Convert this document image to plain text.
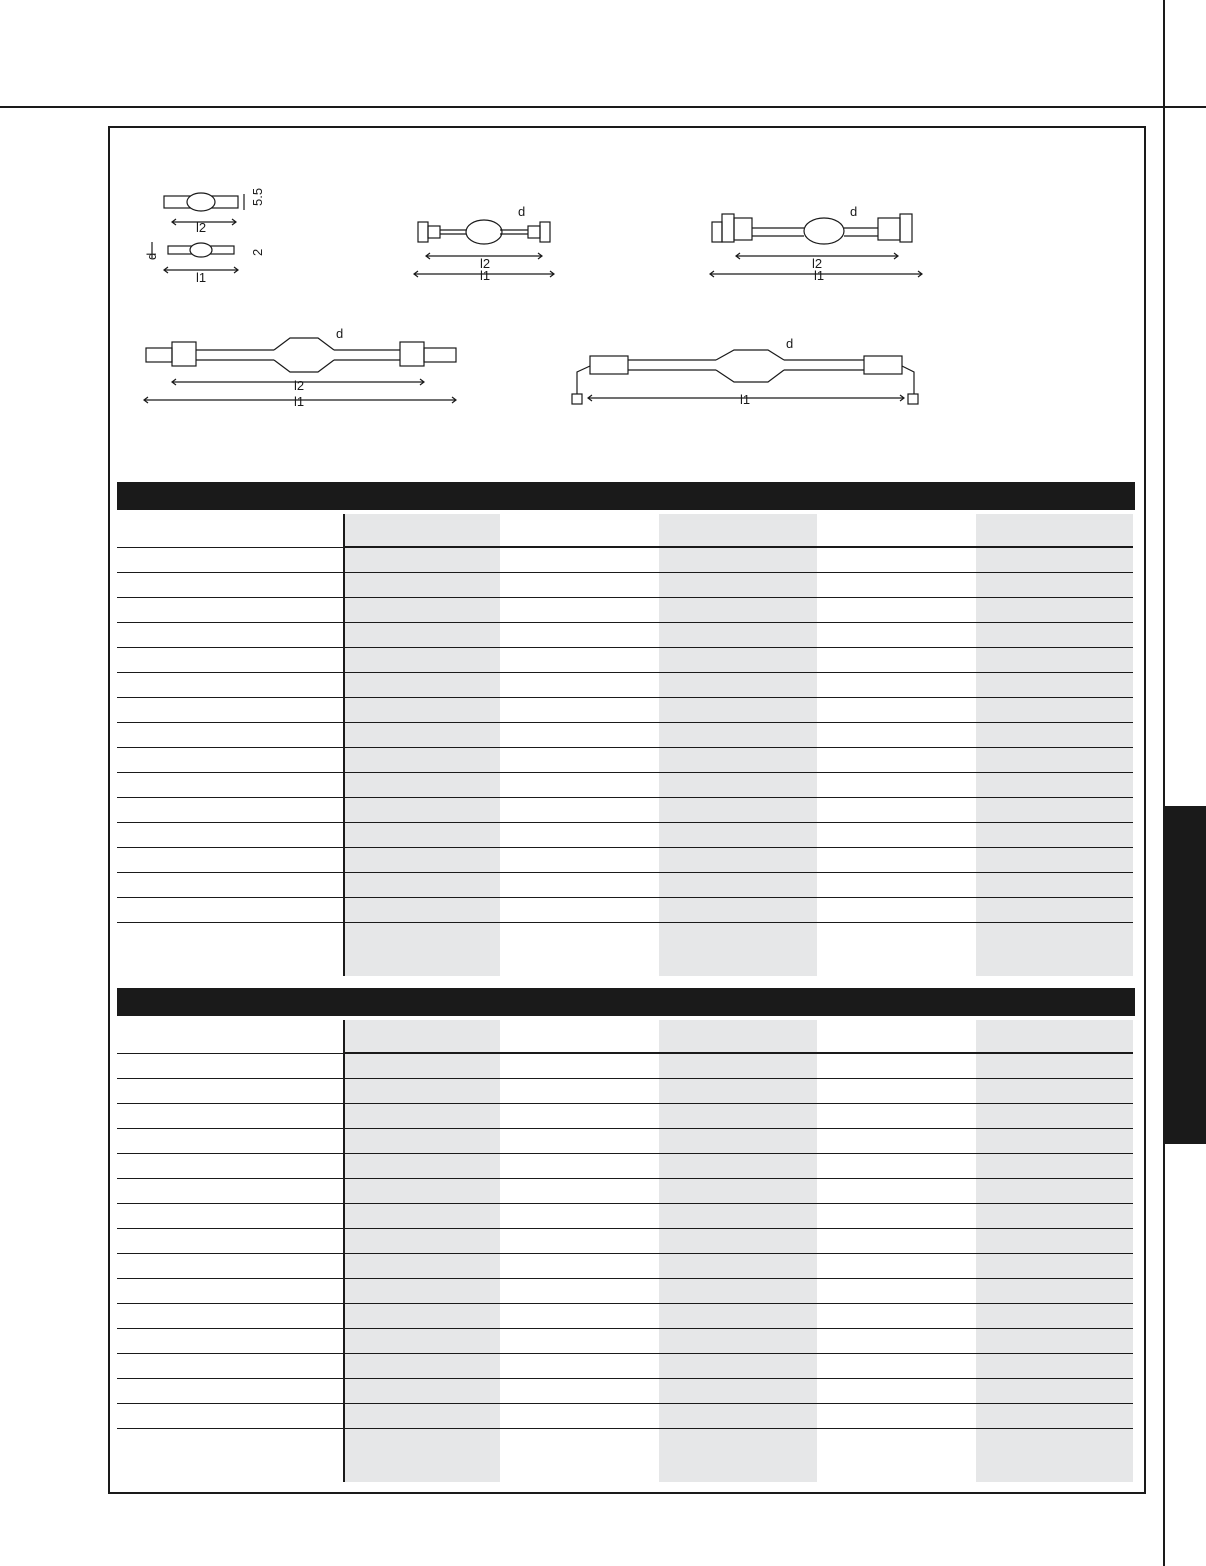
l2
5.5
l1
d
2
l2
l1
d
l2
l1
d
l2
l1
d
l1
d
